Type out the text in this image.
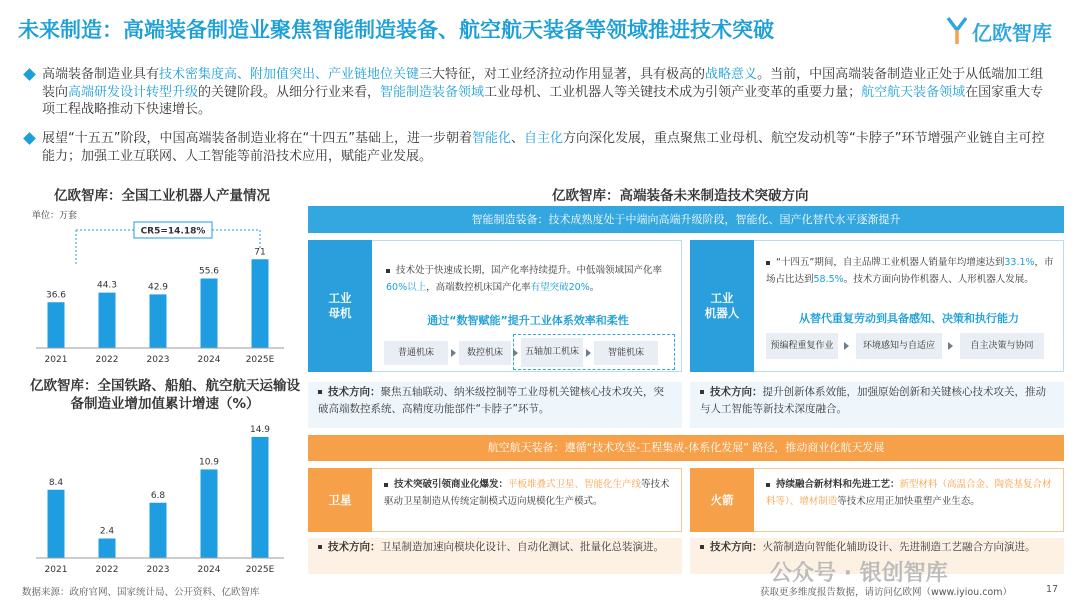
未来制造：高端装备制造业聚焦智能制造装备、航空航天装备等领域推进技术突破	亿欧智库
高端装备制造业具有技术密集度高、附加值突出、产业链地位关键三大特征，对工业经济拉动作用显著，具有极高的战略意义。当前，中国高端装备制造业正处于从低端加工组装向高端研发设计转型升级的关键阶段。从细分行业来看，智能制造装备领域工业母机、工业机器人等关键技术成为引领产业变革的重要力量；航空航天装备领域在国家重大专项工程战略推动下快速增长。
展望“十五五”阶段，中国高端装备制造业将在“十四五”基础上，进一步朝着智能化、自主化方向深化发展，重点聚焦工业母机、航空发动机等“卡脖子”环节增强产业链自主可控能力；加强工业互联网、人工智能等前沿技术应用，赋能产业发展。
亿欧智库：全国工业机器人产量情况
单位：万套
CR5=14.18%
36.6
2021
44.3
2022
42.9
2023
55.6
2024
71
2025E
亿欧智库：全国铁路、船舶、航空航天运输设备制造业增加值累计增速（%）
8.4
2021
2.4
2022
6.8
2023
10.9
2024
14.9
2025E
亿欧智库：高端装备未来制造技术突破方向
智能制造装备：技术成熟度处于中端向高端升级阶段，智能化、国产化替代水平逐渐提升
工业
母机
技术处于快速成长期，国产化率持续提升。中低端领域国产化率60%以上，高端数控机床国产化率有望突破20%。
通过“数智赋能”提升工业体系效率和柔性
普通机床	数控机床	五轴加工机床	智能机床
技术方向：聚焦五轴联动、纳米级控制等工业母机关键核心技术攻关，突破高端数控系统、高精度功能部件“卡脖子”环节。
工业
机器人
“十四五”期间，自主品牌工业机器人销量年均增速达到33.1%，市场占比达到58.5%。技术方面向协作机器人、人形机器人发展。
从替代重复劳动到具备感知、决策和执行能力
预编程重复作业	环境感知与自适应	自主决策与协同
技术方向：提升创新体系效能，加强原始创新和关键核心技术攻关，推动与人工智能等新技术深度融合。
航空航天装备：遵循“技术攻坚-工程集成-体系化发展” 路径，推动商业化航天发展
卫星
技术突破引领商业化爆发：平板堆叠式卫星、智能化生产线等技术驱动卫星制造从传统定制模式迈向规模化生产模式。
技术方向：卫星制造加速向模块化设计、自动化测试、批量化总装演进。
火箭
持续融合新材料和先进工艺：新型材料（高温合金、陶瓷基复合材料等）、增材制造等技术应用正加快重塑产业生态。
技术方向：火箭制造向智能化辅助设计、先进制造工艺融合方向演进。
数据来源：政府官网、国家统计局、公开资料、亿欧智库
公众号 · 银创智库
获取更多维度报告数据，请访问亿欧网（www.iyiou.com）	17
